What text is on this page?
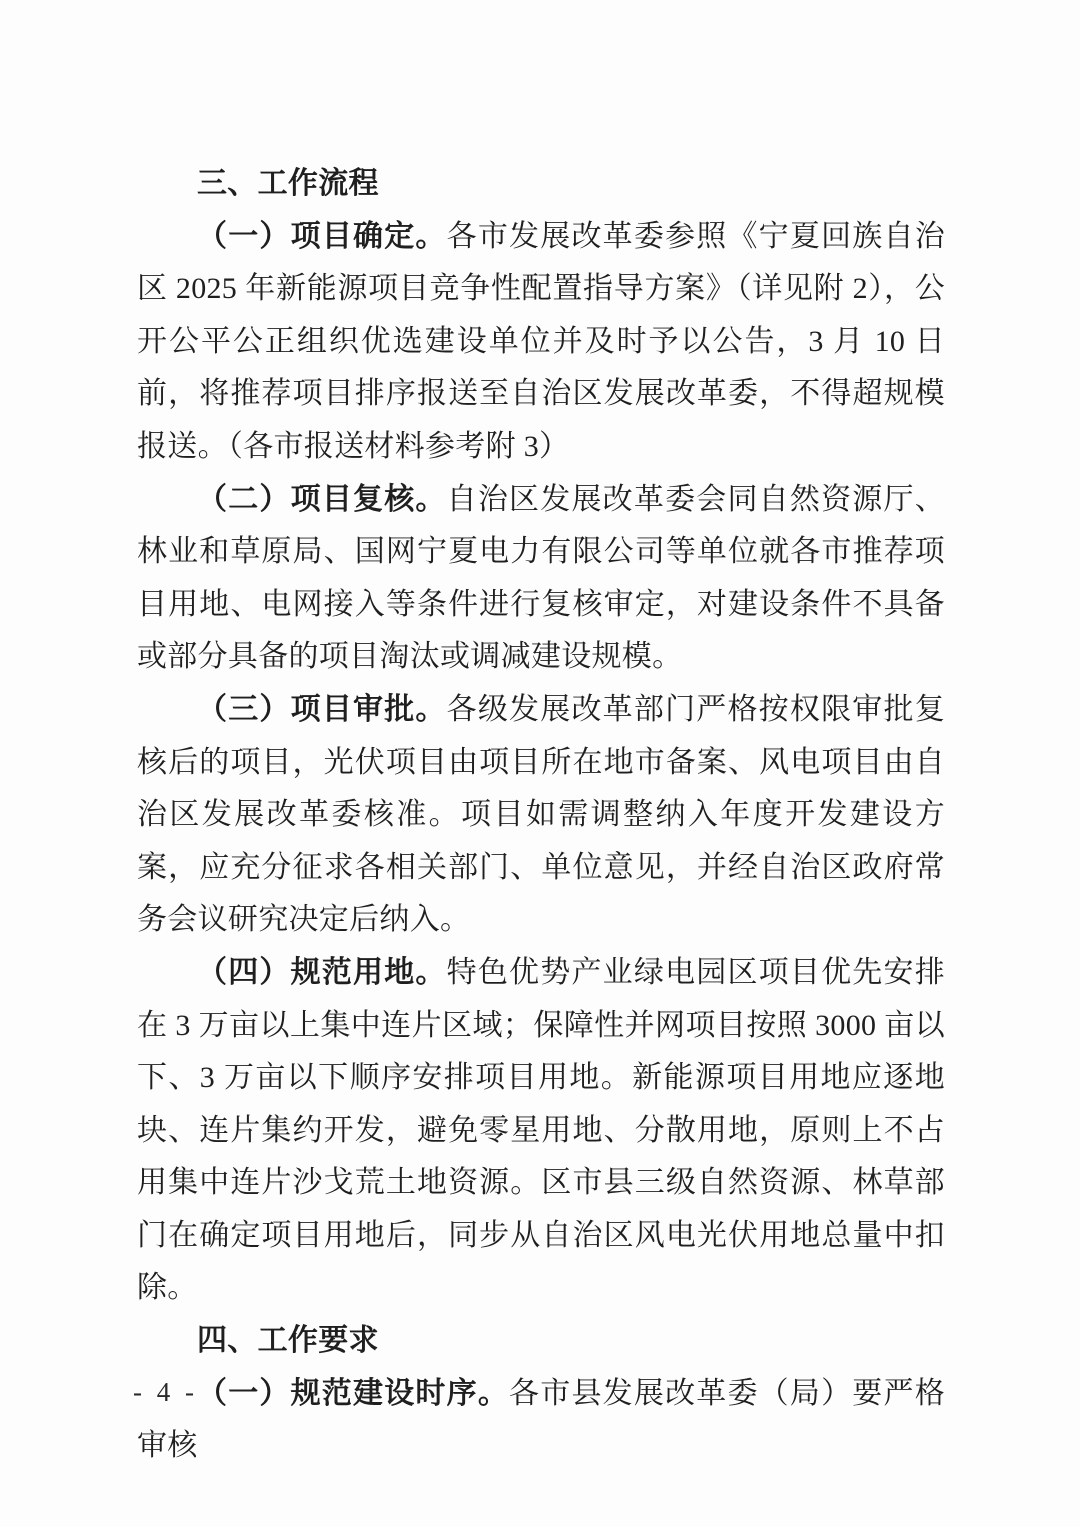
三、工作流程

（一）项目确定。各市发展改革委参照《宁夏回族自治区 2025 年新能源项目竞争性配置指导方案》（详见附 2），公开公平公正组织优选建设单位并及时予以公告，3 月 10 日前，将推荐项目排序报送至自治区发展改革委，不得超规模报送。（各市报送材料参考附 3）

（二）项目复核。自治区发展改革委会同自然资源厅、林业和草原局、国网宁夏电力有限公司等单位就各市推荐项目用地、电网接入等条件进行复核审定，对建设条件不具备或部分具备的项目淘汰或调减建设规模。

（三）项目审批。各级发展改革部门严格按权限审批复核后的项目，光伏项目由项目所在地市备案、风电项目由自治区发展改革委核准。项目如需调整纳入年度开发建设方案，应充分征求各相关部门、单位意见，并经自治区政府常务会议研究决定后纳入。

（四）规范用地。特色优势产业绿电园区项目优先安排在 3 万亩以上集中连片区域；保障性并网项目按照 3000 亩以下、3 万亩以下顺序安排项目用地。新能源项目用地应逐地块、连片集约开发，避免零星用地、分散用地，原则上不占用集中连片沙戈荒土地资源。区市县三级自然资源、林草部门在确定项目用地后，同步从自治区风电光伏用地总量中扣除。

四、工作要求

（一）规范建设时序。各市县发展改革委（局）要严格审核

- 4 -
